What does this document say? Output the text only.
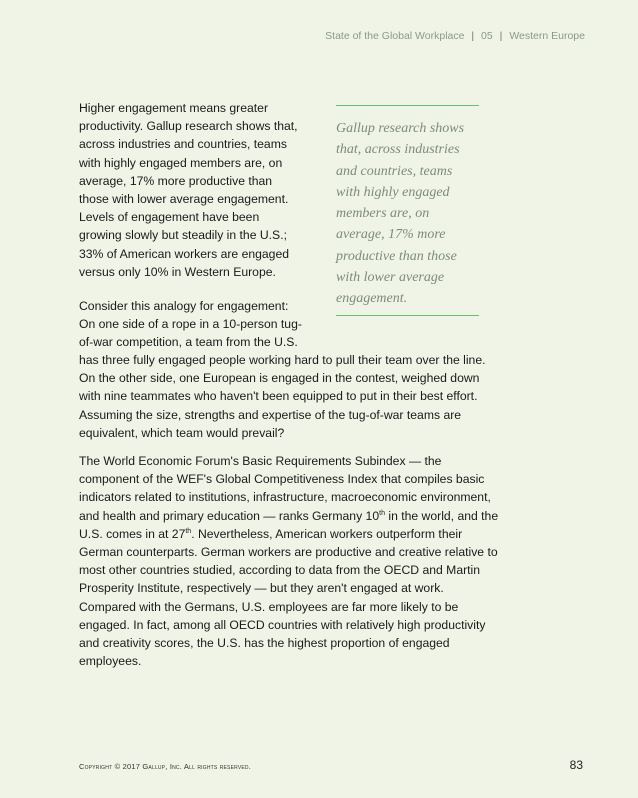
State of the Global Workplace | 05 | Western Europe

Gallup research shows that, across industries and countries, teams with highly engaged members are, on average, 17% more productive than those with lower average engagement.

Higher engagement means greater productivity. Gallup research shows that, across industries and countries, teams with highly engaged members are, on average, 17% more productive than those with lower average engagement. Levels of engagement have been growing slowly but steadily in the U.S.; 33% of American workers are engaged versus only 10% in Western Europe.

Consider this analogy for engagement: On one side of a rope in a 10-person tug-of-war competition, a team from the U.S.

has three fully engaged people working hard to pull their team over the line. On the other side, one European is engaged in the contest, weighed down with nine teammates who haven't been equipped to put in their best effort. Assuming the size, strengths and expertise of the tug-of-war teams are equivalent, which team would prevail?

The World Economic Forum's Basic Requirements Subindex — the component of the WEF's Global Competitiveness Index that compiles basic indicators related to institutions, infrastructure, macroeconomic environment, and health and primary education — ranks Germany 10th in the world, and the U.S. comes in at 27th. Nevertheless, American workers outperform their German counterparts. German workers are productive and creative relative to most other countries studied, according to data from the OECD and Martin Prosperity Institute, respectively — but they aren't engaged at work. Compared with the Germans, U.S. employees are far more likely to be engaged. In fact, among all OECD countries with relatively high productivity and creativity scores, the U.S. has the highest proportion of engaged employees.

Copyright © 2017 Gallup, Inc. All rights reserved.	83
